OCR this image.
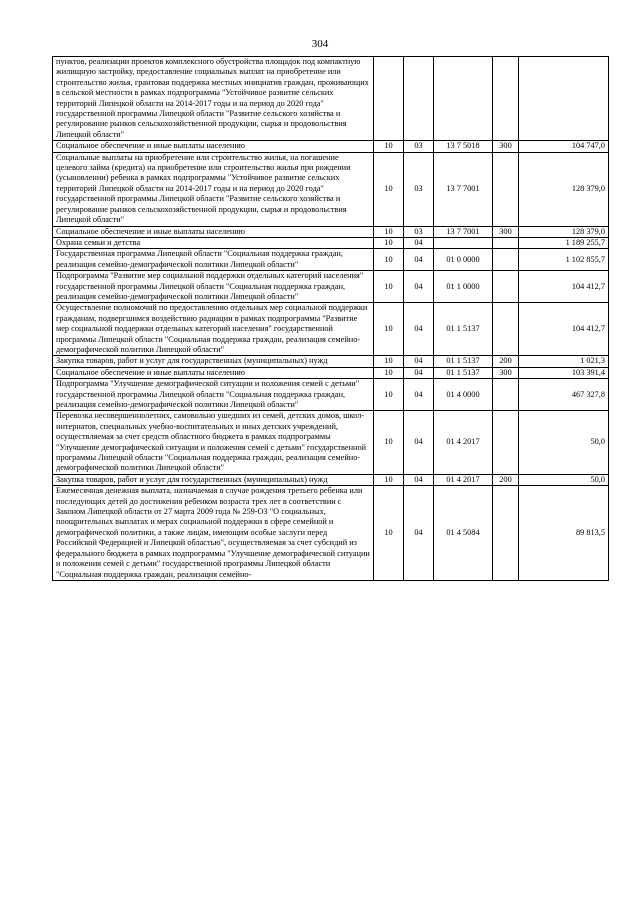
304
пунктов, реализации проектов комплексного обустройства площадок под компактную жилищную застройку, предоставление социальных выплат на приобретение или строительство жилья, грантовая поддержка местных инициатив граждан, проживающих в сельской местности в рамках подпрограммы "Устойчивое развитие сельских территорий Липецкой области на 2014-2017 годы и на период до 2020 года" государственной программы Липецкой области "Развитие сельского хозяйства и регулирование рынков сельскохозяйственной продукции, сырья и продовольствия Липецкой области"					
Социальное обеспечение и иные выплаты населению	10	03	13 7 5018	300	104 747,0
Социальные выплаты на приобретение или строительство жилья, на погашение целевого займа (кредита) на приобретение или строительство жилья при рождении (усыновлении) ребенка в рамках подпрограммы "Устойчивое развитие сельских территорий Липецкой области на 2014-2017 годы и на период до 2020 года" государственной программы Липецкой области "Развитие сельского хозяйства и регулирование рынков сельскохозяйственной продукции, сырья и продовольствия Липецкой области"	10	03	13 7 7001		128 379,0
Социальное обеспечение и иные выплаты населению	10	03	13 7 7001	300	128 379,0
Охрана семьи и детства	10	04			1 189 255,7
Государственная программа Липецкой области "Социальная поддержка граждан, реализация семейно-демографической политики Липецкой области"	10	04	01 0 0000		1 102 855,7
Подпрограмма "Развитие мер социальной поддержки отдельных категорий населения" государственной программы Липецкой области "Социальная поддержка граждан, реализация семейно-демографической политики Липецкой области"	10	04	01 1 0000		104 412,7
Осуществление полномочий по предоставлению отдельных мер социальной поддержки гражданам, подвергшимся воздействию радиации в рамках подпрограммы "Развитие мер социальной поддержки отдельных категорий населения" государственной программы Липецкой области "Социальная поддержка граждан, реализация семейно-демографической политики Липецкой области"	10	04	01 1 5137		104 412,7
Закупка товаров, работ и услуг для государственных (муниципальных) нужд	10	04	01 1 5137	200	1 021,3
Социальное обеспечение и иные выплаты населению	10	04	01 1 5137	300	103 391,4
Подпрограмма "Улучшение демографической ситуации и положения семей с детьми" государственной программы Липецкой области "Социальная поддержка граждан, реализация семейно-демографической политики Липецкой области"	10	04	01 4 0000		467 327,8
Перевозка несовершеннолетних, самовольно ушедших из семей, детских домов, школ-интернатов, специальных учебно-воспитательных и иных детских учреждений, осуществляемая за счет средств областного бюджета в рамках подпрограммы "Улучшение демографической ситуации и положения семей с детьми" государственной программы Липецкой области "Социальная поддержка граждан, реализация семейно-демографической политики Липецкой области"	10	04	01 4 2017		50,0
Закупка товаров, работ и услуг для государственных (муниципальных) нужд	10	04	01 4 2017	200	50,0
Ежемесячная денежная выплата, назначаемая в случае рождения третьего ребенка или последующих детей до достижения ребенком возраста трех лет в соответствии с Законом Липецкой области от 27 марта 2009 года № 259-ОЗ "О социальных, поощрительных выплатах и мерах социальной поддержки в сфере семейной и демографической политики, а также лицам, имеющим особые заслуги перед Российской Федерацией и Липецкой областью", осуществляемая за счет субсидий из федерального бюджета в рамках подпрограммы "Улучшение демографической ситуации и положения семей с детьми" государственной программы Липецкой области "Социальная поддержка граждан, реализация семейно-	10	04	01 4 5084		89 813,5
